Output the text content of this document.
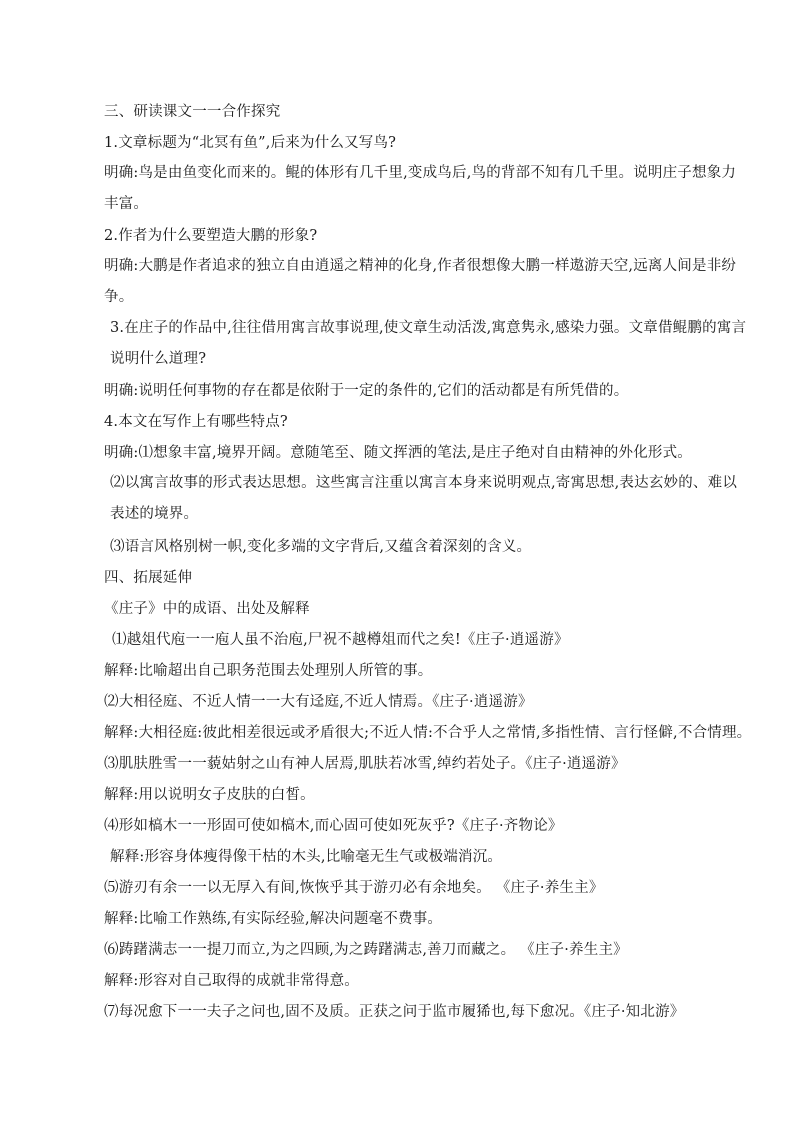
三、研读课文一一合作探究
1.文章标题为“北冥有鱼”,后来为什么又写鸟?
明确:鸟是由鱼变化而来的。鲲的体形有几千里,变成鸟后,鸟的背部不知有几千里。说明庄子想象力丰富。
2.作者为什么要塑造大鹏的形象?
明确:大鹏是作者追求的独立自由逍遥之精神的化身,作者很想像大鹏一样遨游天空,远离人间是非纷争。
3.在庄子的作品中,往往借用寓言故事说理,使文章生动活泼,寓意隽永,感染力强。文章借鲲鹏的寓言说明什么道理?
明确:说明任何事物的存在都是依附于一定的条件的,它们的活动都是有所凭借的。
4.本文在写作上有哪些特点?
明确:⑴想象丰富,境界开阔。意随笔至、随文挥洒的笔法,是庄子绝对自由精神的外化形式。
⑵以寓言故事的形式表达思想。这些寓言注重以寓言本身来说明观点,寄寓思想,表达玄妙的、难以表述的境界。
⑶语言风格别树一帜,变化多端的文字背后,又蕴含着深刻的含义。
四、拓展延伸
《庄子》中的成语、出处及解释
⑴越俎代庖一一庖人虽不治庖,尸祝不越樽俎而代之矣!《庄子·逍遥游》
解释:比喻超出自己职务范围去处理别人所管的事。
⑵大相径庭、不近人情一一大有迳庭,不近人情焉。《庄子·逍遥游》
解释:大相径庭:彼此相差很远或矛盾很大;不近人情:不合乎人之常情,多指性情、言行怪僻,不合情理。
⑶肌肤胜雪一一藐姑射之山有神人居焉,肌肤若冰雪,绰约若处子。《庄子·逍遥游》
解释:用以说明女子皮肤的白皙。
⑷形如槁木一一形固可使如槁木,而心固可使如死灰乎?《庄子·齐物论》
解释:形容身体瘦得像干枯的木头,比喻毫无生气或极端消沉。
⑸游刃有余一一以无厚入有间,恢恢乎其于游刃必有余地矣。 《庄子·养生主》
解释:比喻工作熟练,有实际经验,解决问题毫不费事。
⑹踌躇满志一一提刀而立,为之四顾,为之踌躇满志,善刀而藏之。 《庄子·养生主》
解释:形容对自己取得的成就非常得意。
⑺每况愈下一一夫子之问也,固不及质。正获之问于监市履狶也,每下愈况。《庄子·知北游》
